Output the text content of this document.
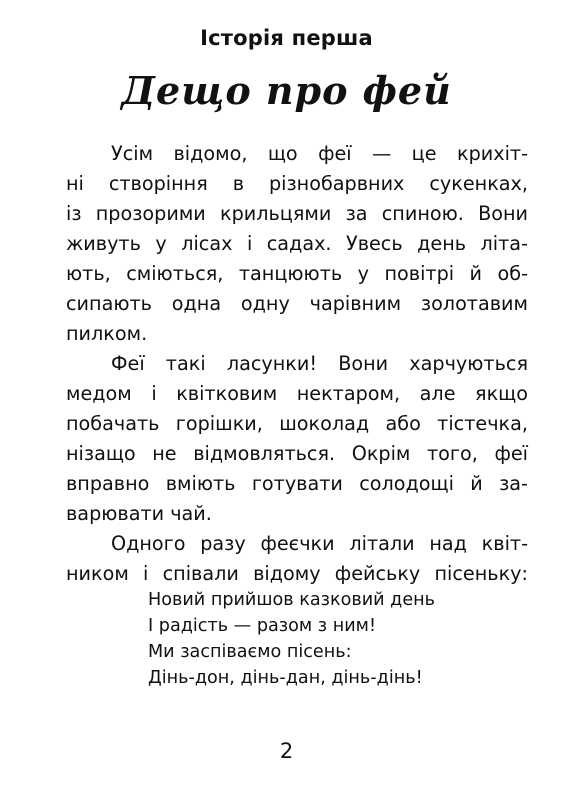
Історія перша
Дещо про фей
Усім відомо, що феї — це крихіт-
ні створіння в різнобарвних сукенках,
із прозорими крильцями за спиною. Вони
живуть у лісах і садах. Увесь день літа-
ють, сміються, танцюють у повітрі й об-
сипають одна одну чарівним золотавим
пилком.
Феї такі ласунки! Вони харчуються
медом і квітковим нектаром, але якщо
побачать горішки, шоколад або тістечка,
нізащо не відмовляться. Окрім того, феї
вправно вміють готувати солодощі й за-
варювати чай.
Одного разу феєчки літали над квіт-
ником і співали відому фейську пісеньку:
Новий прийшов казковий день
І радість — разом з ним!
Ми заспіваємо пісень:
Дінь-дон, дінь-дан, дінь-дінь!
2
